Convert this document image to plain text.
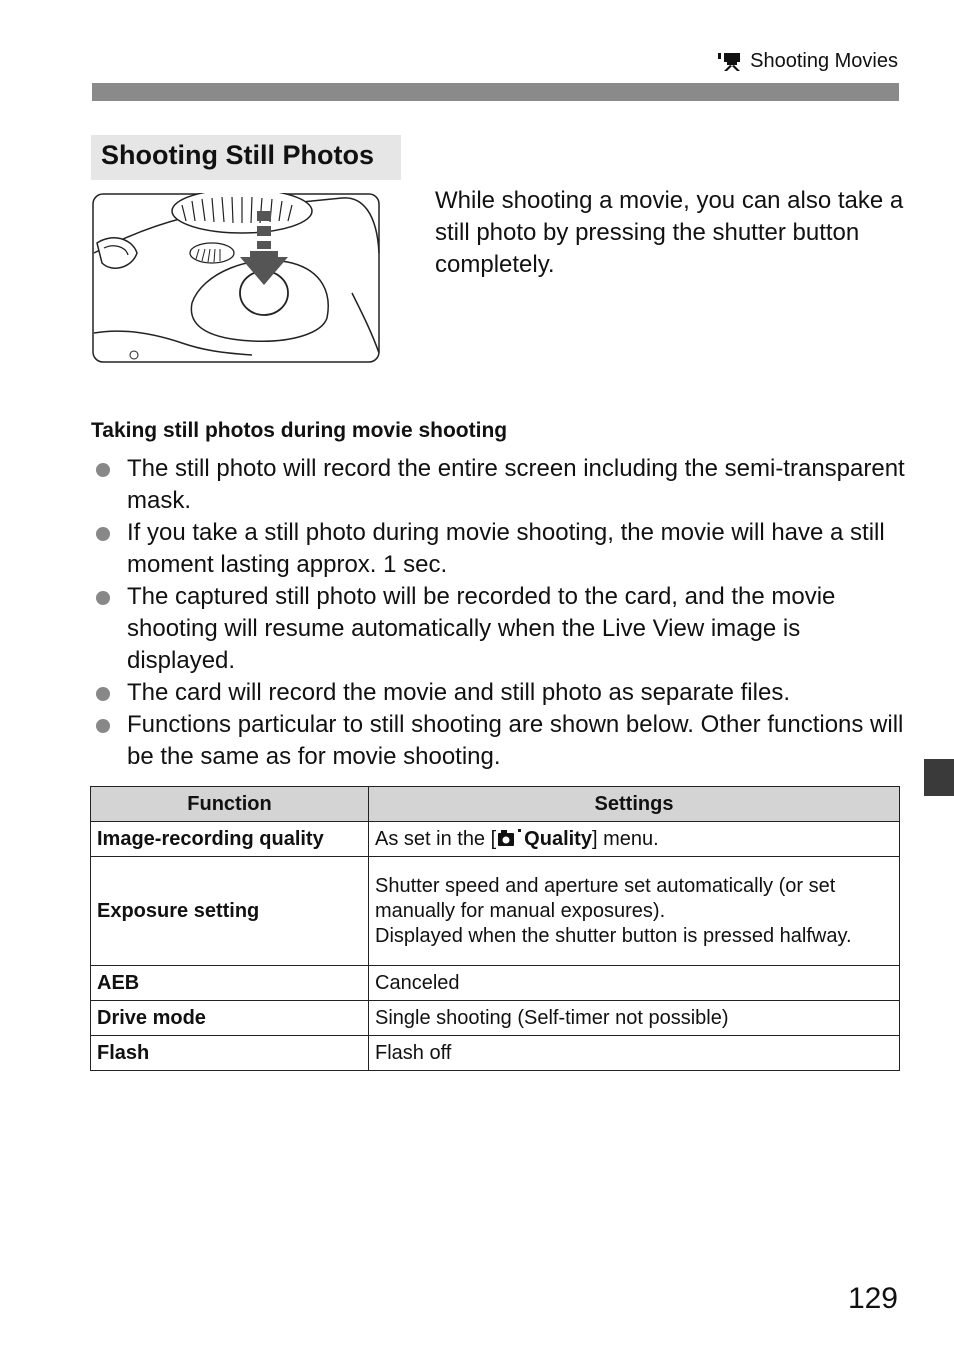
Shooting Movies
Shooting Still Photos
While shooting a movie, you can also take a still photo by pressing the shutter button completely.
Taking still photos during movie shooting
The still photo will record the entire screen including the semi-transparent mask.
If you take a still photo during movie shooting, the movie will have a still moment lasting approx. 1 sec.
The captured still photo will be recorded to the card, and the movie shooting will resume automatically when the Live View image is displayed.
The card will record the movie and still photo as separate files.
Functions particular to still shooting are shown below. Other functions will be the same as for movie shooting.
Function	Settings
Image-recording quality	As set in the [ Quality] menu.
Exposure setting	Shutter speed and aperture set automatically (or set manually for manual exposures).
Displayed when the shutter button is pressed halfway.

AEB	Canceled
Drive mode	Single shooting (Self-timer not possible)
Flash	Flash off
129
